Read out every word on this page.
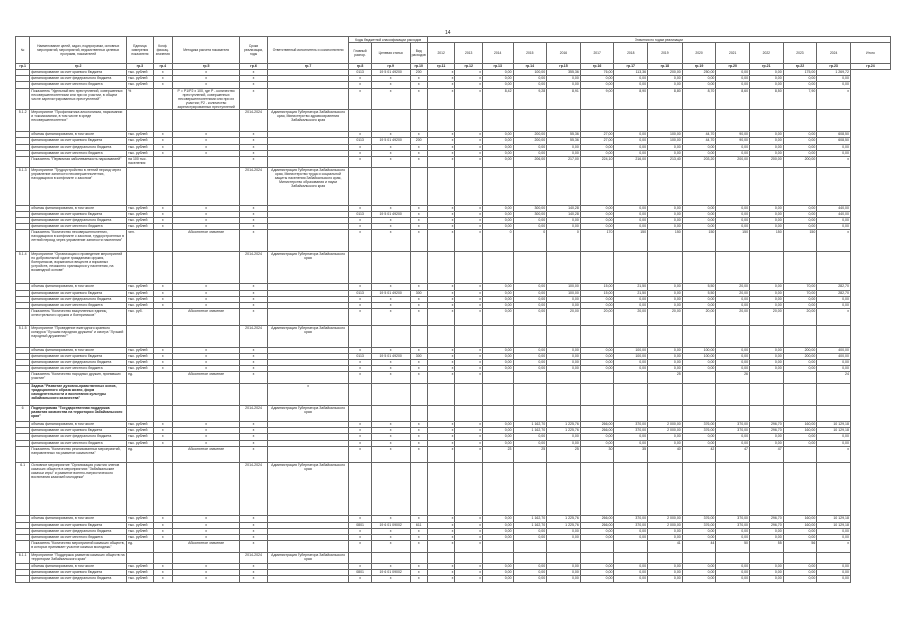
14
№	Наименование целей, задач, подпрограмм, основных мероприятий, мероприятий, ведомственных целевых программ, показателей	Единица измерения показателя	Коэф. фиксац. значения	Методика расчета показателя	Сроки реализации, годы	Ответственный исполнитель и соисполнители	Коды бюджетной классификации расходов			Значения по годам реализации													
							Главный распор.	Целевая статья	Вид расходов	2012	2013	2014	2015	2016	2017	2018	2019	2020	2021	2022	2023	2024	Итого
гр.1	гр.2	гр.3	гр.4	гр.5	гр.6	гр.7	гр.8	гр.9	гр.10	гр.11	гр.12	гр.13	гр.14	гр.15	гр.16	гр.17	гр.18	гр.19	гр.20	гр.21	гр.22	гр.23	гр.24
	финансирование за счет краевого бюджета	тыс. рублей	x	x	x		0113	19 5 01 49200	200	x	x	0,00	100,00	355,36	76,00	113,36	200,00	250,00	0,00	0,00	175,00	1 269,72	
	финансирование за счет федерального бюджета	тыс. рублей	x	x	x		x	x	x	x	x	0,00	0,00	0,00	0,00	0,00	0,00	0,00	0,00	0,00	0,00	0,00	
	финансирование за счет местного бюджета	тыс. рублей	x	x	x		x	x	x	x	x	0,00	0,00	0,00	0,00	0,00	0,00	0,00	0,00	0,00	0,00	0,00	
	Показатель "Удельный вес преступлений, совершенных несовершеннолетними или при их участии, в общем числе зарегистрированных преступлений"	%		Р = Р1/Р2 х 100, где Р - количество преступлений, совершенных несовершеннолетними или при их участии; Р2 - количество зарегистрированных преступлений	x		x	x	x	x	x	8,42	9,28	8,91	9,00	8,90	8,80	8,70	8,60	8,50	7,90	x	
5.1.2	Мероприятие "Профилактика алкоголизма, наркомании и токсикомании, в том числе в среде несовершеннолетних"				2014-2024	Администрация Губернатора Забайкальского края, Министерство здравоохранения Забайкальского края																	
	объемы финансирования, в том числе	тыс. рублей	x	x	x		x	x	x	x	x	0,00	200,00	55,36	27,00	0,00	100,00	44,70	90,00	0,00	0,00	608,50	
	финансирование за счет краевого бюджета	тыс. рублей	x	x	x		0113	19 5 01 49200	200	x	x	0,00	200,00	55,36	27,00	0,00	100,00	44,70	90,00	0,00	0,00	608,50	
	финансирование за счет федерального бюджета	тыс. рублей	x	x	x		x	x	x	x	x	0,00	0,00	0,00	0,00	0,00	0,00	0,00	0,00	0,00	0,00	0,00	
	финансирование за счет местного бюджета	тыс. рублей	x	x	x		x	x	x	x	x	0,00	0,00	0,00	0,00	0,00	0,00	0,00	0,00	0,00	0,00	0,00	
	Показатель "Первичная заболеваемость наркоманией"	на 100 тыс. населения			x		x	x	x	x	x	0,00	206,00	217,00	224,10	216,00	213,40	203,20	200,00	200,00	200,00	x	
5.1.3	Мероприятие "Трудоустройство в летний период через управление занятости несовершеннолетних, находящихся в конфликте с законом"				2014-2024	Администрация Губернатора Забайкальского края, Министерство труда и социальной защиты населения Забайкальского края, Министерство образования и науки Забайкальского края																	
	объемы финансирования, в том числе	тыс. рублей	x	x	x		x	x	x	x	x	0,00	300,00	140,28	0,00	0,00	0,00	0,00	0,00	0,00	0,00	440,00	
	финансирование за счет краевого бюджета	тыс. рублей	x	x	x		0113	19 5 01 49200	x	x	x	0,00	300,00	140,28	0,00	0,00	0,00	0,00	0,00	0,00	0,00	440,00	
	финансирование за счет федерального бюджета	тыс. рублей	x	x	x		x	x	x	x	x	0,00	0,00	0,00	0,00	0,00	0,00	0,00	0,00	0,00	0,00	0,00	
	финансирование за счет местного бюджета	тыс. рублей	x	x	x		x	x	x	x	x	0,00	0,00	0,00	0,00	0,00	0,00	0,00	0,00	0,00	0,00	0,00	
	Показатель "Количество несовершеннолетних, находящихся в конфликте с законом, трудоустроенных в летний период через управление занятости населения"	чел.		Абсолютное значение	x		x	x	x	x	x	0	0	0	170	150	150	150	150	150	150	x	
5.1.4	Мероприятие "Организация и проведение мероприятий по добровольной сдаче гражданами оружия, боеприпасов, взрывчатых веществ и взрывных устройств, незаконно хранящихся у населения, на возмездной основе"				2014-2024	Администрация Губернатора Забайкальского края																	
	объемы финансирования, в том числе	тыс. рублей	x	x	x		x	x	x	x	x	0,00	0,00	100,00	15,00	21,50	0,00	5,50	20,00	0,00	70,00	282,70	
	финансирование за счет краевого бюджета	тыс. рублей	x	x	x		0113	19 5 01 49200	300	x	x	0,00	0,00	100,00	15,00	21,50	0,00	5,50	20,00	0,00	70,00	282,70	
	финансирование за счет федерального бюджета	тыс. рублей	x	x	x		x	x	x	x	x	0,00	0,00	0,00	0,00	0,00	0,00	0,00	0,00	0,00	0,00	0,00	
	финансирование за счет местного бюджета	тыс. рублей	x	x	x		x	x	x	x	x	0,00	0,00	0,00	0,00	0,00	0,00	0,00	0,00	0,00	0,00	0,00	
	Показатель "Количество выкупленных единиц огнестрельного оружия и боеприпасов"	тыс. руб.		Абсолютное значение	x		x	x	x	x	x	0,00	0,00	20,00	20,00	20,00	20,00	20,00	20,00	20,00	20,00	x	
5.1.5	Мероприятие "Проведение ежегодного краевого конкурса "Лучшая народная дружина" и смотра "Лучший народный дружинник""				2014-2024	Администрация Губернатора Забайкальского края																	
	объемы финансирования, в том числе	тыс. рублей	x	x	x		x	x	x	x	x	0,00	0,00	0,00	0,00	100,00	0,00	100,00	0,00	0,00	200,00	400,00	
	финансирование за счет краевого бюджета	тыс. рублей	x	x	x		0113	19 5 01 49200	300	x	x	0,00	0,00	0,00	0,00	100,00	0,00	100,00	0,00	0,00	200,00	400,00	
	финансирование за счет федерального бюджета	тыс. рублей	x	x	x		x	x	x	x	x	0,00	0,00	0,00	0,00	0,00	0,00	0,00	0,00	0,00	0,00	0,00	
	финансирование за счет местного бюджета	тыс. рублей	x	x	x		x	x	x	x	x	0,00	0,00	0,00	0,00	0,00	0,00	0,00	0,00	0,00	0,00	0,00	
	Показатель "Количество народных дружин, принявших участие"	ед.		Абсолютное значение	x		x	x	x	x	x						25		26			24	
	Задача "Развитие духовно-нравственных основ, традиционного образа жизни, форм самодеятельности и воспитания культуры забайкальского казачества"					x																	
6	Подпрограмма "Государственная поддержка развития казачества на территории Забайкальского края"				2014-2024	Администрация Губернатора Забайкальского края																	
	объемы финансирования, в том числе	тыс. рублей	x	x	x		x	x	x	x	x	0,00	1 162,70	1 225,76	266,00	370,00	2 000,00	376,00	370,00	296,70	160,00	10 129,18	
	финансирование за счет краевого бюджета	тыс. рублей	x	x	x		x	x	x	x	x	0,00	1 162,70	1 225,76	266,00	370,00	2 000,00	376,00	370,00	296,70	160,00	10 129,18	
	финансирование за счет федерального бюджета	тыс. рублей	x	x	x		x	x	x	x	x	0,00	0,00	0,00	0,00	0,00	0,00	0,00	0,00	0,00	0,00	0,00	
	финансирование за счет местного бюджета	тыс. рублей	x	x	x		x	x	x	x	x	0,00	0,00	0,00	0,00	0,00	0,00	0,00	0,00	0,00	0,00	0,00	
	Показатель "Количество реализованных мероприятий, направленных на развитие казачества"	ед.		Абсолютное значение	x		x	x	x	x	x	23	25	25	30	35	40	42	47	47		x	
6.1	Основное мероприятие "Организация участия членов казачьих обществ в мероприятиях "Забайкальские казачьи игры" и развитие военно-патриотического воспитания казачьей молодежи"				2014-2024	Администрация Губернатора Забайкальского края																	
	объемы финансирования, в том числе	тыс. рублей	x	x	x		x	x	x	x	x	0,00	1 162,70	1 225,76	266,00	370,00	2 000,00	376,00	370,00	296,70	160,00	10 129,18	
	финансирование за счет краевого бюджета	тыс. рублей	x	x	x		0801	19 6 01 09002	611	x	x	0,00	1 162,70	1 225,76	266,00	370,00	2 000,00	376,00	370,00	296,70	160,00	10 129,18	
	финансирование за счет федерального бюджета	тыс. рублей	x	x	x		x	x	x	x	x	0,00	0,00	0,00	0,00	0,00	0,00	0,00	0,00	0,00	0,00	0,00	
	финансирование за счет местного бюджета	тыс. рублей	x	x	x		x	x	x	x	x	0,00	0,00	0,00	0,00	0,00	0,00	0,00	0,00	0,00	0,00	0,00	
	Показатель "Количество мероприятий казачьих обществ, в которых принимает участие казачья молодежь"	ед.		Абсолютное значение	x		x	x	x	x	x						41	44	50	55	56	x	
6.1.1	Мероприятие "Поддержка развития казачьих обществ на территории Забайкальского края"				2014-2024	Администрация Губернатора Забайкальского края																	
	объемы финансирования, в том числе	тыс. рублей	x	x	x		x	x	x	x	x	0,00	0,00	0,00	0,00	0,00	0,00	0,00	0,00	0,00	0,00	0,00	
	финансирование за счет краевого бюджета	тыс. рублей	x	x	x		0801	19 6 01 09002	x	x	x	0,00	0,00	0,00	0,00	0,00	0,00	0,00	0,00	0,00	0,00	0,00	
	финансирование за счет федерального бюджета	тыс. рублей	x	x	x		x	x	x	x	x	0,00	0,00	0,00	0,00	0,00	0,00	0,00	0,00	0,00	0,00	0,00	
